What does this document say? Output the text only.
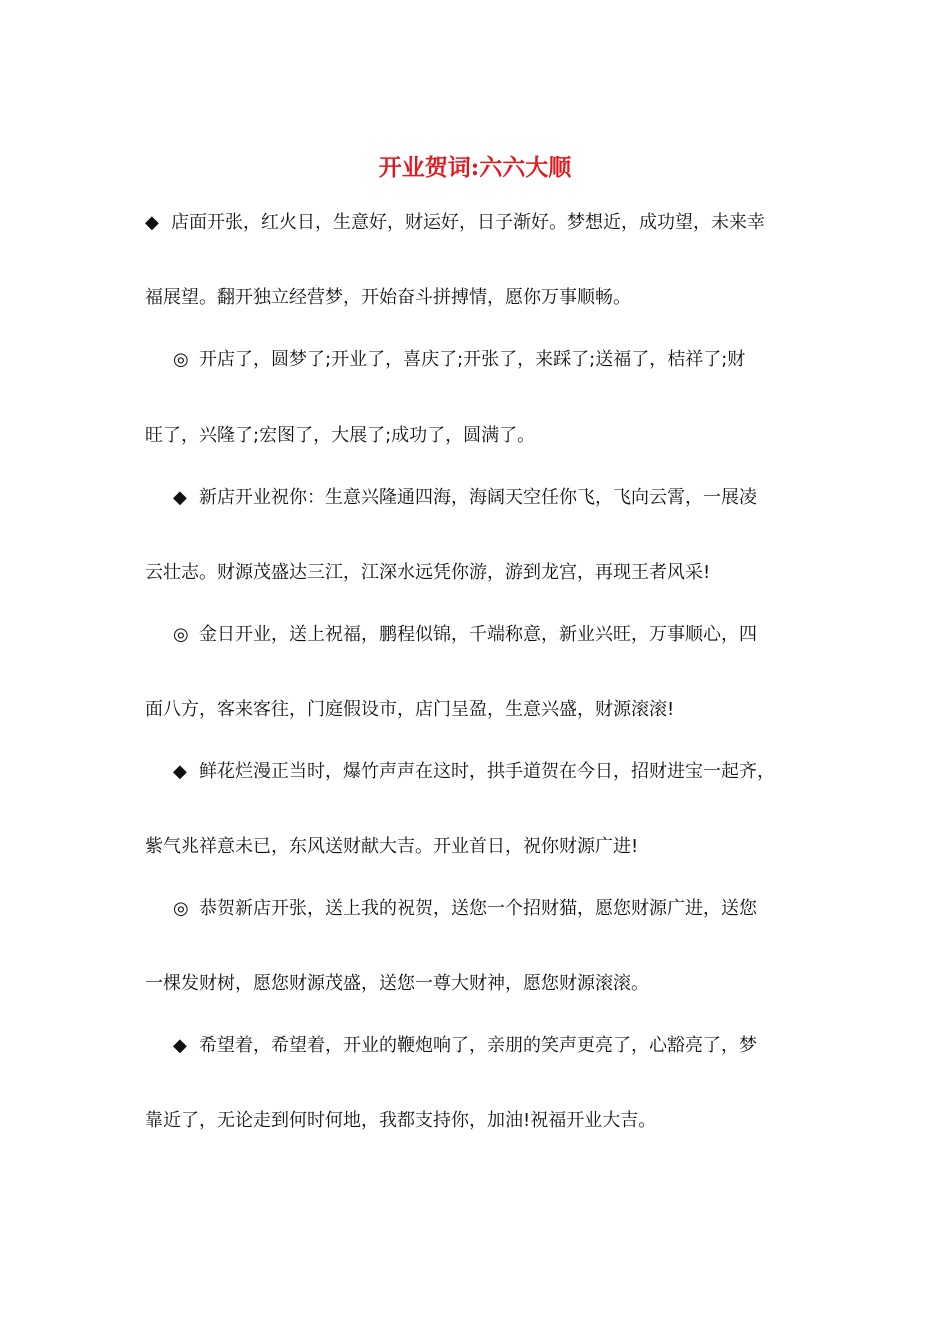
开业贺词:六六大顺
◆ 店面开张，红火日，生意好，财运好，日子渐好。梦想近，成功望，未来幸
福展望。翻开独立经营梦，开始奋斗拼搏情，愿你万事顺畅。
◎ 开店了，圆梦了;开业了，喜庆了;开张了，来踩了;送福了，桔祥了;财
旺了，兴隆了;宏图了，大展了;成功了，圆满了。
◆ 新店开业祝你：生意兴隆通四海，海阔天空任你飞，飞向云霄，一展凌
云壮志。财源茂盛达三江，江深水远凭你游，游到龙宫，再现王者风采!
◎ 金日开业，送上祝福，鹏程似锦，千端称意，新业兴旺，万事顺心，四
面八方，客来客往，门庭假设市，店门呈盈，生意兴盛，财源滚滚!
◆ 鲜花烂漫正当时，爆竹声声在这时，拱手道贺在今日，招财进宝一起齐，
紫气兆祥意未已，东风送财献大吉。开业首日，祝你财源广进!
◎ 恭贺新店开张，送上我的祝贺，送您一个招财猫，愿您财源广进，送您
一棵发财树，愿您财源茂盛，送您一尊大财神，愿您财源滚滚。
◆ 希望着，希望着，开业的鞭炮响了，亲朋的笑声更亮了，心豁亮了，梦
靠近了，无论走到何时何地，我都支持你，加油!祝福开业大吉。
